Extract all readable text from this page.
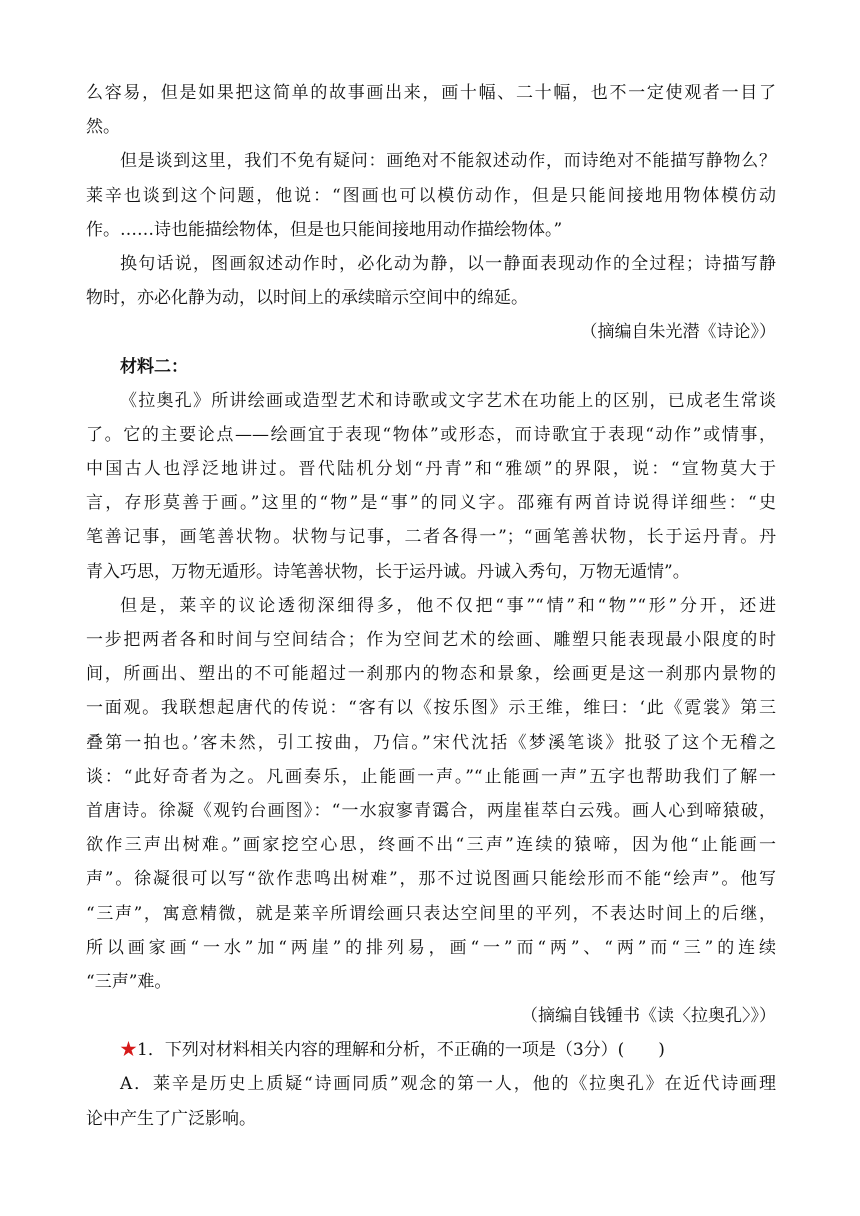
么容易，但是如果把这简单的故事画出来，画十幅、二十幅，也不一定使观者一目了
然。
但是谈到这里，我们不免有疑问：画绝对不能叙述动作，而诗绝对不能描写静物么？
莱辛也谈到这个问题，他说：“图画也可以模仿动作，但是只能间接地用物体模仿动
作。……诗也能描绘物体，但是也只能间接地用动作描绘物体。”
换句话说，图画叙述动作时，必化动为静，以一静面表现动作的全过程；诗描写静
物时，亦必化静为动，以时间上的承续暗示空间中的绵延。
（摘编自朱光潜《诗论》）
材料二：
《拉奥孔》所讲绘画或造型艺术和诗歌或文字艺术在功能上的区别，已成老生常谈
了。它的主要论点——绘画宜于表现“物体”或形态，而诗歌宜于表现“动作”或情事，
中国古人也浮泛地讲过。晋代陆机分划“丹青”和“雅颂”的界限，说：“宣物莫大于
言，存形莫善于画。”这里的“物”是“事”的同义字。邵雍有两首诗说得详细些：“史
笔善记事，画笔善状物。状物与记事，二者各得一”；“画笔善状物，长于运丹青。丹
青入巧思，万物无遁形。诗笔善状物，长于运丹诚。丹诚入秀句，万物无遁情”。
但是，莱辛的议论透彻深细得多，他不仅把“事”“情”和“物”“形”分开，还进
一步把两者各和时间与空间结合；作为空间艺术的绘画、雕塑只能表现最小限度的时
间，所画出、塑出的不可能超过一刹那内的物态和景象，绘画更是这一刹那内景物的
一面观。我联想起唐代的传说：“客有以《按乐图》示王维，维曰：‘此《霓裳》第三
叠第一拍也。’客未然，引工按曲，乃信。”宋代沈括《梦溪笔谈》批驳了这个无稽之
谈：“此好奇者为之。凡画奏乐，止能画一声。”“止能画一声”五字也帮助我们了解一
首唐诗。徐凝《观钓台画图》：“一水寂寥青霭合，两崖崔萃白云残。画人心到啼猿破，
欲作三声出树难。”画家挖空心思，终画不出“三声”连续的猿啼，因为他“止能画一
声”。徐凝很可以写“欲作悲鸣出树难”，那不过说图画只能绘形而不能“绘声”。他写
“三声”，寓意精微，就是莱辛所谓绘画只表达空间里的平列，不表达时间上的后继，
所以画家画“一水”加“两崖”的排列易，画“一”而“两”、“两”而“三”的连续
“三声”难。
（摘编自钱锺书《读〈拉奥孔〉》）
★1．下列对材料相关内容的理解和分析，不正确的一项是（3分）(　　)
A．莱辛是历史上质疑“诗画同质”观念的第一人，他的《拉奥孔》在近代诗画理
论中产生了广泛影响。
